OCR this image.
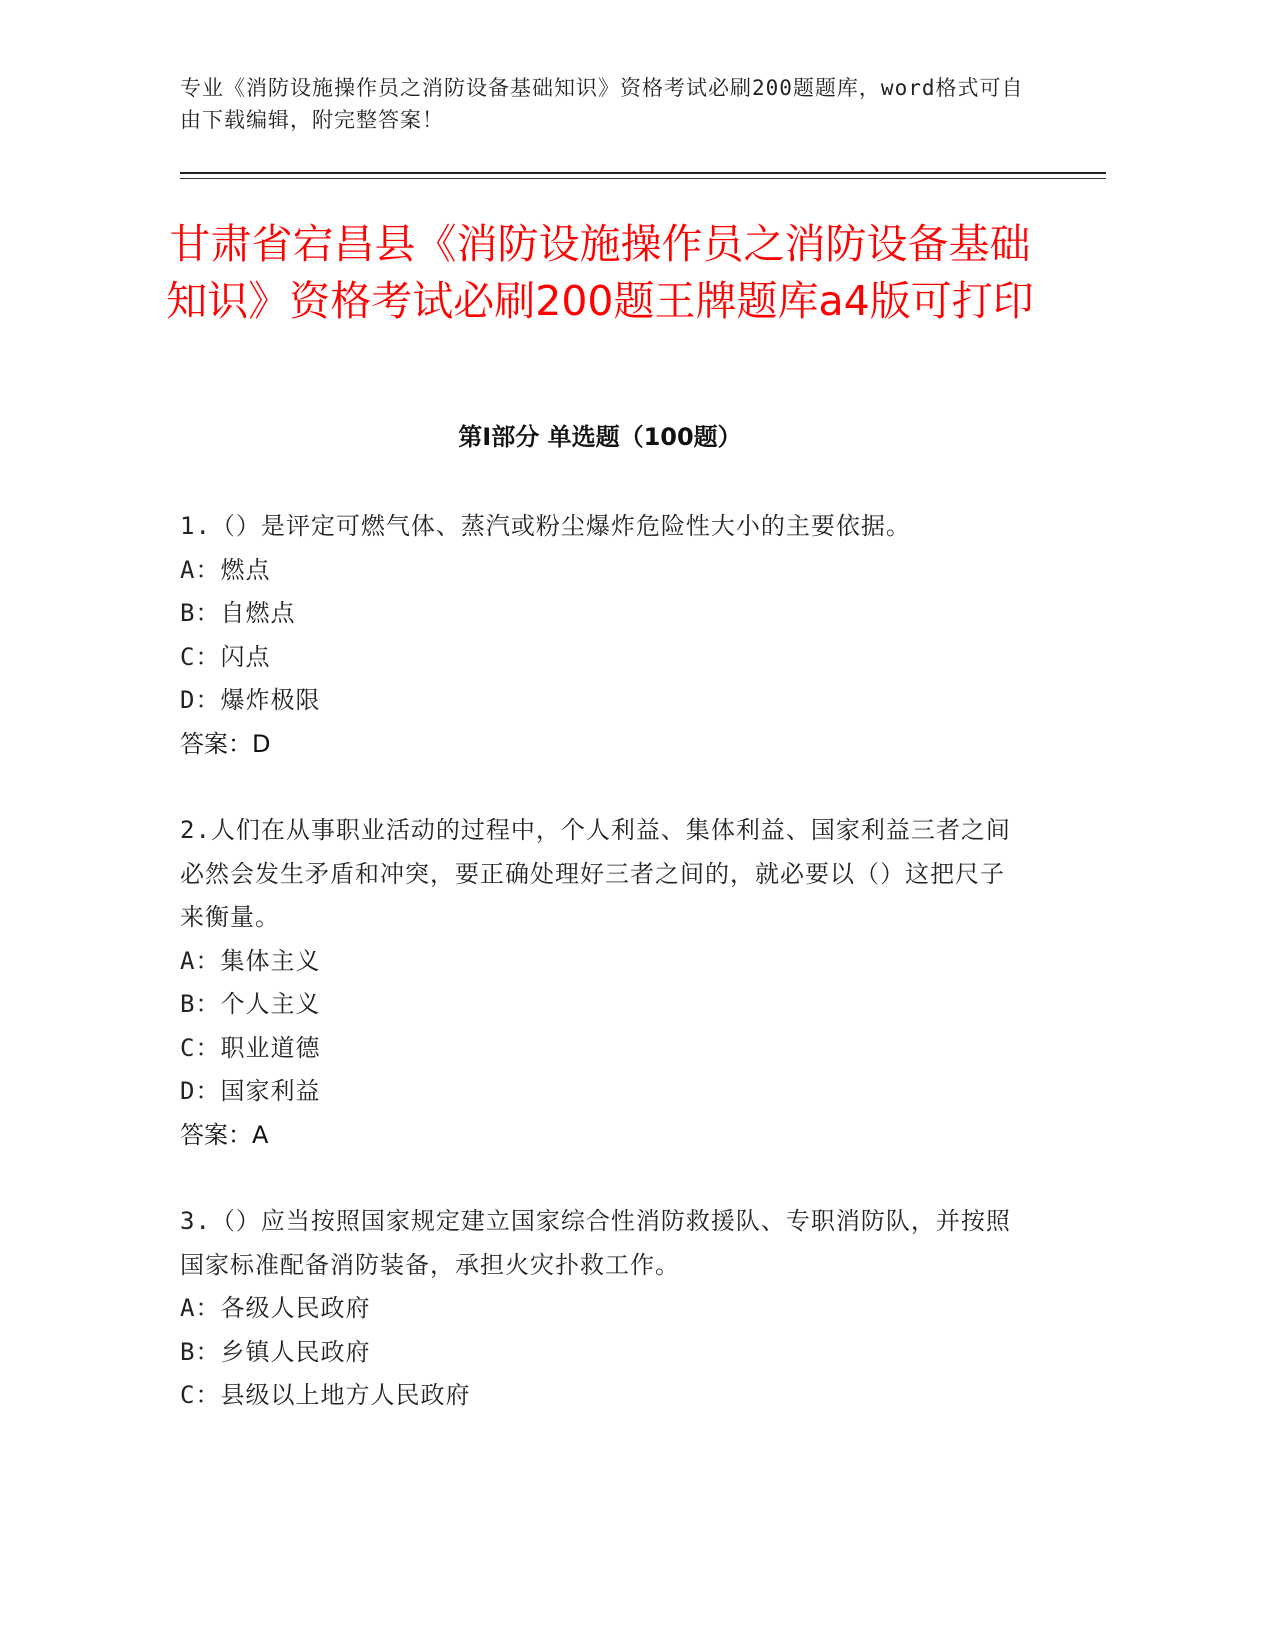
专业《消防设施操作员之消防设备基础知识》资格考试必刷200题题库，word格式可自由下载编辑，附完整答案！
甘肃省宕昌县《消防设施操作员之消防设备基础知识》资格考试必刷200题王牌题库a4版可打印
第Ⅰ部分 单选题（100题）
1.（）是评定可燃气体、蒸汽或粉尘爆炸危险性大小的主要依据。
A：燃点
B：自燃点
C：闪点
D：爆炸极限
答案：D
2.人们在从事职业活动的过程中，个人利益、集体利益、国家利益三者之间必然会发生矛盾和冲突，要正确处理好三者之间的，就必要以（）这把尺子来衡量。
A：集体主义
B：个人主义
C：职业道德
D：国家利益
答案：A
3.（）应当按照国家规定建立国家综合性消防救援队、专职消防队，并按照国家标准配备消防装备，承担火灾扑救工作。
A：各级人民政府
B：乡镇人民政府
C：县级以上地方人民政府
